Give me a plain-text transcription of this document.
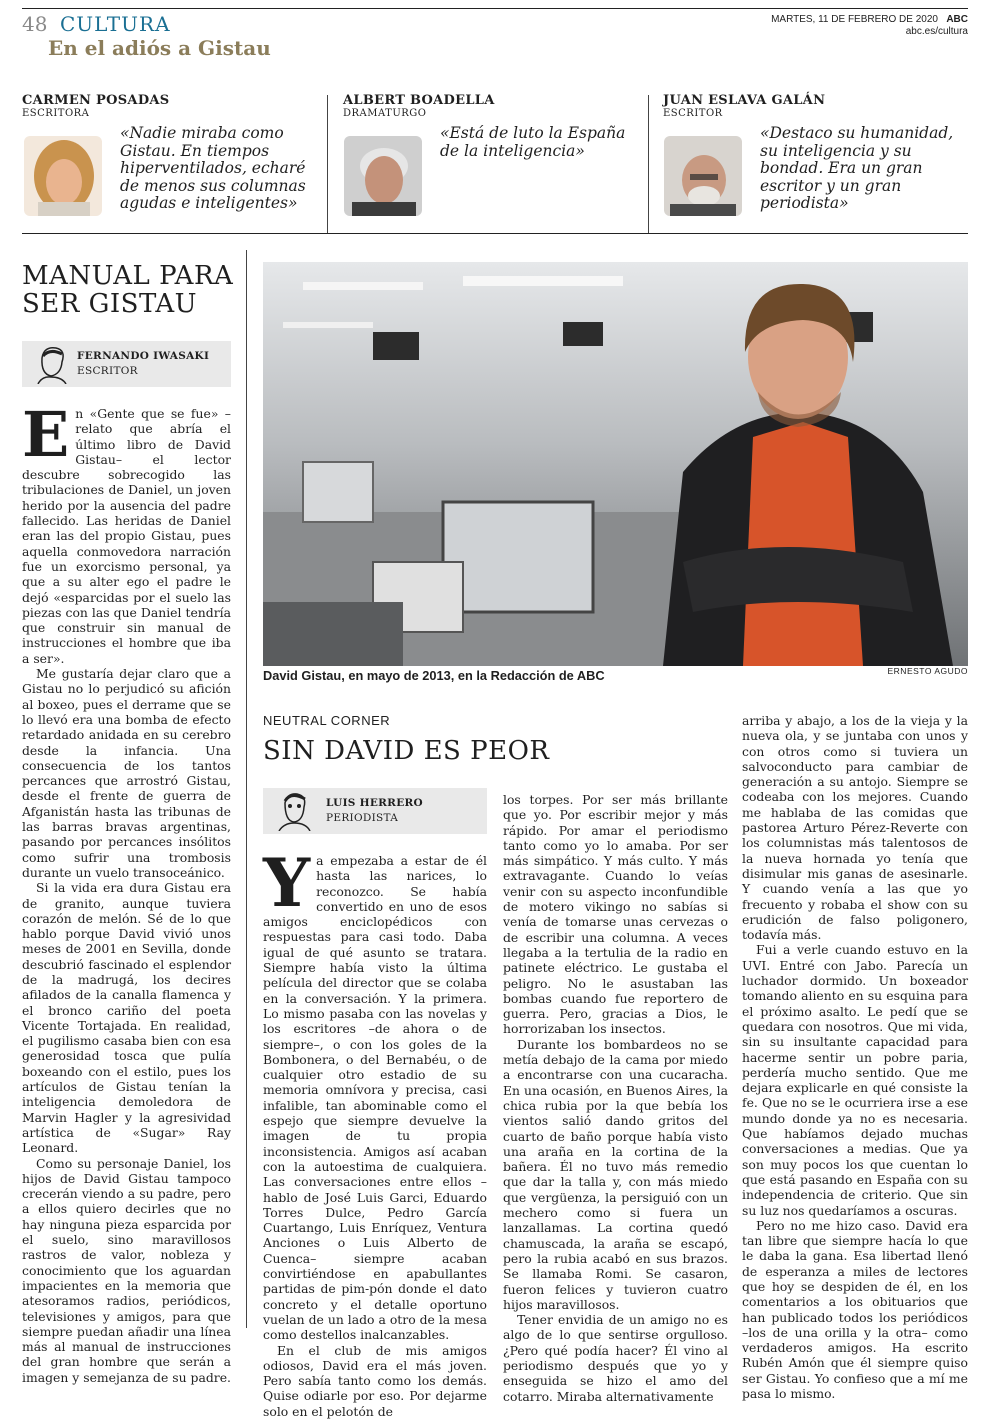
48 CULTURA
En el adiós a Gistau
MARTES, 11 DE FEBRERO DE 2020 ABC
abc.es/cultura
CARMEN POSADAS
ESCRITORA
«Nadie miraba como Gistau. En tiempos hiperventilados, echaré de menos sus columnas agudas e inteligentes»
ALBERT BOADELLA
DRAMATURGO
«Está de luto la España de la inteligencia»
JUAN ESLAVA GALÁN
ESCRITOR
«Destaco su humanidad, su inteligencia y su bondad. Era un gran escritor y un gran periodista»
MANUAL PARA SER GISTAU
FERNANDO IWASAKI
ESCRITOR

En «Gente que se fue» –relato que abría el último libro de David Gistau– el lector descubre sobrecogido las tribulaciones de Daniel, un joven herido por la ausencia del padre fallecido. Las heridas de Daniel eran las del propio Gistau, pues aquella conmovedora narración fue un exorcismo personal, ya que a su alter ego el padre le dejó «esparcidas por el suelo las piezas con las que Daniel tendría que construir sin manual de instrucciones el hombre que iba a ser».

Me gustaría dejar claro que a Gistau no lo perjudicó su afición al boxeo, pues el derrame que se lo llevó era una bomba de efecto retardado anidada en su cerebro desde la infancia. Una consecuencia de los tantos percances que arrostró Gistau, desde el frente de guerra de Afganistán hasta las tribunas de las barras bravas argentinas, pasando por percances insólitos como sufrir una trombosis durante un vuelo transoceánico.

Si la vida era dura Gistau era de granito, aunque tuviera corazón de melón. Sé de lo que hablo porque David vivió unos meses de 2001 en Sevilla, donde descubrió fascinado el esplendor de la madrugá, los decires afilados de la canalla flamenca y el bronco cariño del poeta Vicente Tortajada. En realidad, el pugilismo casaba bien con esa generosidad tosca que pulía boxeando con el estilo, pues los artículos de Gistau tenían la inteligencia demoledora de Marvin Hagler y la agresividad artística de «Sugar» Ray Leonard.

Como su personaje Daniel, los hijos de David Gistau tampoco crecerán viendo a su padre, pero a ellos quiero decirles que no hay ninguna pieza esparcida por el suelo, sino maravillosos rastros de valor, nobleza y conocimiento que los aguardan impacientes en la memoria que atesoramos radios, periódicos, televisiones y amigos, para que siempre puedan añadir una línea más al manual de instrucciones del gran hombre que serán a imagen y semejanza de su padre.

David Gistau, en mayo de 2013, en la Redacción de ABC	ERNESTO AGUDO
NEUTRAL CORNER
SIN DAVID ES PEOR
LUIS HERRERO
PERIODISTA

Ya empezaba a estar de él hasta las narices, lo reconozco. Se había convertido en uno de esos amigos enciclopédicos con respuestas para casi todo. Daba igual de qué asunto se tratara. Siempre había visto la última película del director que se colaba en la conversación. Y la primera. Lo mismo pasaba con las novelas y los escritores –de ahora o de siempre–, o con los goles de la Bombonera, o del Bernabéu, o de cualquier otro estadio de su memoria omnívora y precisa, casi infalible, tan abominable como el espejo que siempre devuelve la imagen de tu propia inconsistencia. Amigos así acaban con la autoestima de cualquiera. Las conversaciones entre ellos –hablo de José Luis Garci, Eduardo Torres Dulce, Pedro García Cuartango, Luis Enríquez, Ventura Anciones o Luis Alberto de Cuenca– siempre acaban convirtiéndose en apabullantes partidas de pim-pón donde el dato concreto y el detalle oportuno vuelan de un lado a otro de la mesa como destellos inalcanzables.

En el club de mis amigos odiosos, David era el más joven. Pero sabía tanto como los demás. Quise odiarle por eso. Por dejarme solo en el pelotón de

los torpes. Por ser más brillante que yo. Por escribir mejor y más rápido. Por amar el periodismo tanto como yo lo amaba. Por ser más simpático. Y más culto. Y más extravagante. Cuando lo veías venir con su aspecto inconfundible de motero vikingo no sabías si venía de tomarse unas cervezas o de escribir una columna. A veces llegaba a la tertulia de la radio en patinete eléctrico. Le gustaba el peligro. No le asustaban las bombas cuando fue reportero de guerra. Pero, gracias a Dios, le horrorizaban los insectos.

Durante los bombardeos no se metía debajo de la cama por miedo a encontrarse con una cucaracha. En una ocasión, en Buenos Aires, la chica rubia por la que bebía los vientos salió dando gritos del cuarto de baño porque había visto una araña en la cortina de la bañera. Él no tuvo más remedio que dar la talla y, con más miedo que vergüenza, la persiguió con un mechero como si fuera un lanzallamas. La cortina quedó chamuscada, la araña se escapó, pero la rubia acabó en sus brazos. Se llamaba Romi. Se casaron, fueron felices y tuvieron cuatro hijos maravillosos.

Tener envidia de un amigo no es algo de lo que sentirse orgulloso. ¿Pero qué podía hacer? Él vino al periodismo después que yo y enseguida se hizo el amo del cotarro. Miraba alternativamente

arriba y abajo, a los de la vieja y la nueva ola, y se juntaba con unos y con otros como si tuviera un salvoconducto para cambiar de generación a su antojo. Siempre se codeaba con los mejores. Cuando me hablaba de las comidas que pastorea Arturo Pérez-Reverte con los columnistas más talentosos de la nueva hornada yo tenía que disimular mis ganas de asesinarle. Y cuando venía a las que yo frecuento y robaba el show con su erudición de falso poligonero, todavía más.

Fui a verle cuando estuvo en la UVI. Entré con Jabo. Parecía un luchador dormido. Un boxeador tomando aliento en su esquina para el próximo asalto. Le pedí que se quedara con nosotros. Que mi vida, sin su insultante capacidad para hacerme sentir un pobre paria, perdería mucho sentido. Que me dejara explicarle en qué consiste la fe. Que no se le ocurriera irse a ese mundo donde ya no es necesaria. Que habíamos dejado muchas conversaciones a medias. Que ya son muy pocos los que cuentan lo que está pasando en España con su independencia de criterio. Que sin su luz nos quedaríamos a oscuras.

Pero no me hizo caso. David era tan libre que siempre hacía lo que le daba la gana. Esa libertad llenó de esperanza a miles de lectores que hoy se despiden de él, en los comentarios a los obituarios que han publicado todos los periódicos –los de una orilla y la otra– como verdaderos amigos. Ha escrito Rubén Amón que él siempre quiso ser Gistau. Yo confieso que a mí me pasa lo mismo.
